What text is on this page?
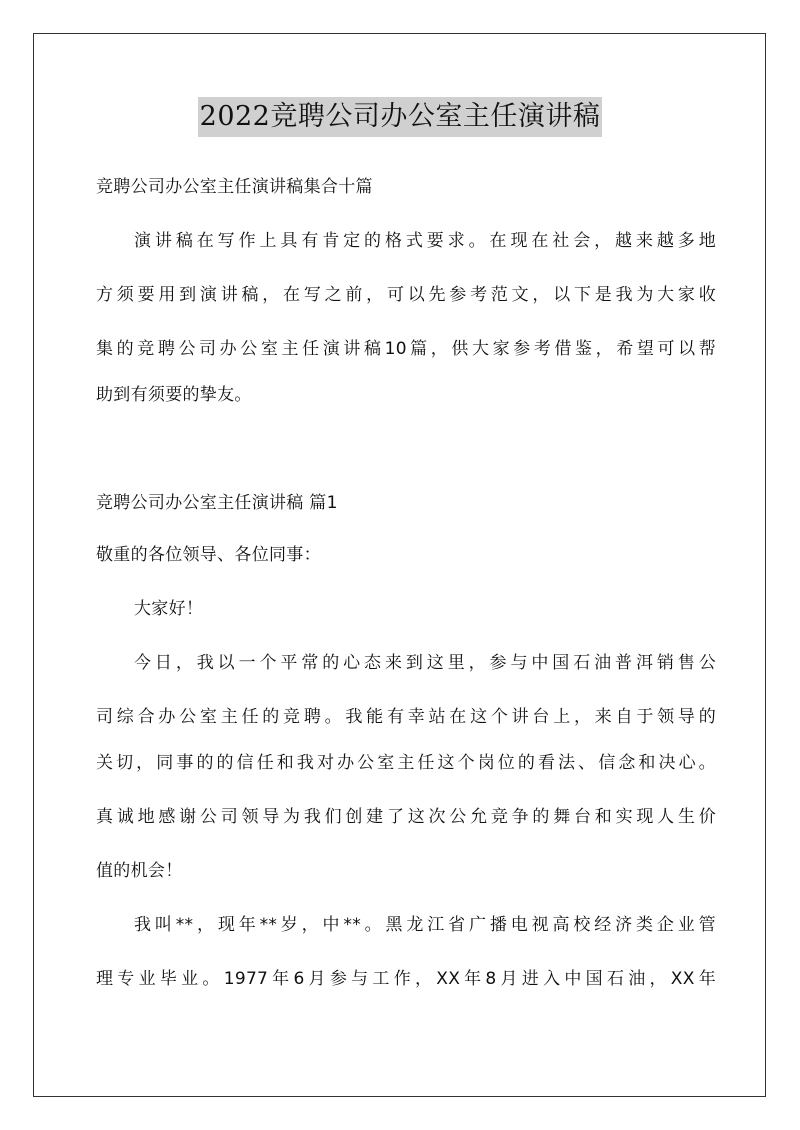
2022竞聘公司办公室主任演讲稿
竞聘公司办公室主任演讲稿集合十篇
演讲稿在写作上具有肯定的格式要求。在现在社会，越来越多地
方须要用到演讲稿，在写之前，可以先参考范文，以下是我为大家收
集的竞聘公司办公室主任演讲稿10篇，供大家参考借鉴，希望可以帮
助到有须要的挚友。
竞聘公司办公室主任演讲稿 篇1
敬重的各位领导、各位同事：
大家好！
今日，我以一个平常的心态来到这里，参与中国石油普洱销售公
司综合办公室主任的竞聘。我能有幸站在这个讲台上，来自于领导的
关切，同事的的信任和我对办公室主任这个岗位的看法、信念和决心。
真诚地感谢公司领导为我们创建了这次公允竞争的舞台和实现人生价
值的机会！
我叫**，现年**岁，中**。黑龙江省广播电视高校经济类企业管
理专业毕业。1977年6月参与工作，XX年8月进入中国石油，XX年
